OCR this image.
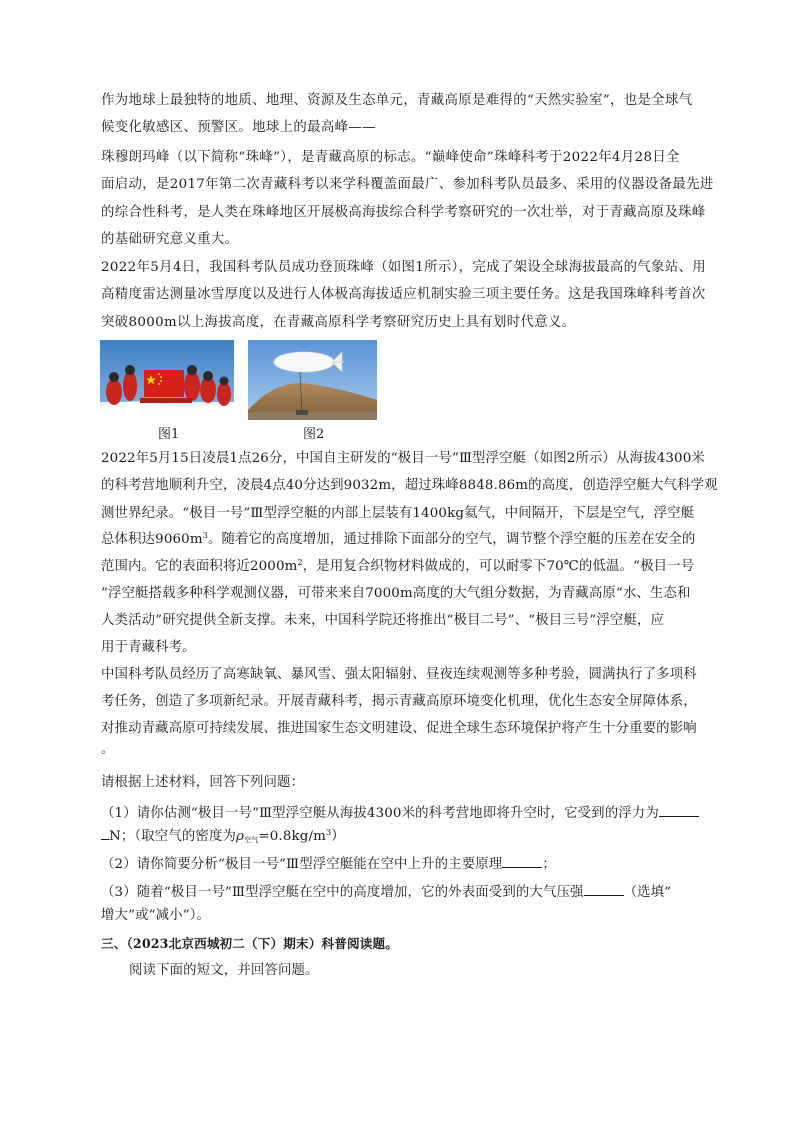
作为地球上最独特的地质、地理、资源及生态单元，青藏高原是难得的“天然实验室”，也是全球气
候变化敏感区、预警区。地球上的最高峰——
珠穆朗玛峰（以下简称“珠峰”），是青藏高原的标志。“巅峰使命”珠峰科考于2022年4月28日全
面启动，是2017年第二次青藏科考以来学科覆盖面最广、参加科考队员最多、采用的仪器设备最先进
的综合性科考，是人类在珠峰地区开展极高海拔综合科学考察研究的一次壮举，对于青藏高原及珠峰
的基础研究意义重大。
2022年5月4日，我国科考队员成功登顶珠峰（如图1所示），完成了架设全球海拔最高的气象站、用
高精度雷达测量冰雪厚度以及进行人体极高海拔适应机制实验三项主要任务。这是我国珠峰科考首次
突破8000m以上海拔高度，在青藏高原科学考察研究历史上具有划时代意义。
图1	图2
2022年5月15日凌晨1点26分，中国自主研发的“极目一号”Ⅲ型浮空艇（如图2所示）从海拔4300米
的科考营地顺利升空，凌晨4点40分达到9032m，超过珠峰8848.86m的高度，创造浮空艇大气科学观
测世界纪录。“极目一号”Ⅲ型浮空艇的内部上层装有1400kg氦气，中间隔开，下层是空气，浮空艇
总体积达$9060m^3$。随着它的高度增加，通过排除下面部分的空气，调节整个浮空艇的压差在安全的
范围内。它的表面积将近$2000m^2$，是用复合织物材料做成的，可以耐零下70℃的低温。“极目一号
”浮空艇搭载多种科学观测仪器，可带来来自7000m高度的大气组分数据，为青藏高原“水、生态和
人类活动”研究提供全新支撑。未来，中国科学院还将推出“极目二号”、“极目三号”浮空艇，应
用于青藏科考。
中国科考队员经历了高寒缺氧、暴风雪、强太阳辐射、昼夜连续观测等多种考验，圆满执行了多项科
考任务，创造了多项新纪录。开展青藏科考，揭示青藏高原环境变化机理，优化生态安全屏障体系，
对推动青藏高原可持续发展、推进国家生态文明建设、促进全球生态环境保护将产生十分重要的影响
。
请根据上述材料，回答下列问题：
（1）请你估测“极目一号”Ⅲ型浮空艇从海拔4300米的科考营地即将升空时，它受到的浮力为
N；（取空气的密度为$\rho_{空气}=0.8kg/m^3$）
（2）请你简要分析“极目一号”Ⅲ型浮空艇能在空中上升的主要原理	；
（3）随着“极目一号”Ⅲ型浮空艇在空中的高度增加，它的外表面受到的大气压强	（选填“
增大”或“减小”）。
三、（2023北京西城初二（下）期末）科普阅读题。
阅读下面的短文，并回答问题。
